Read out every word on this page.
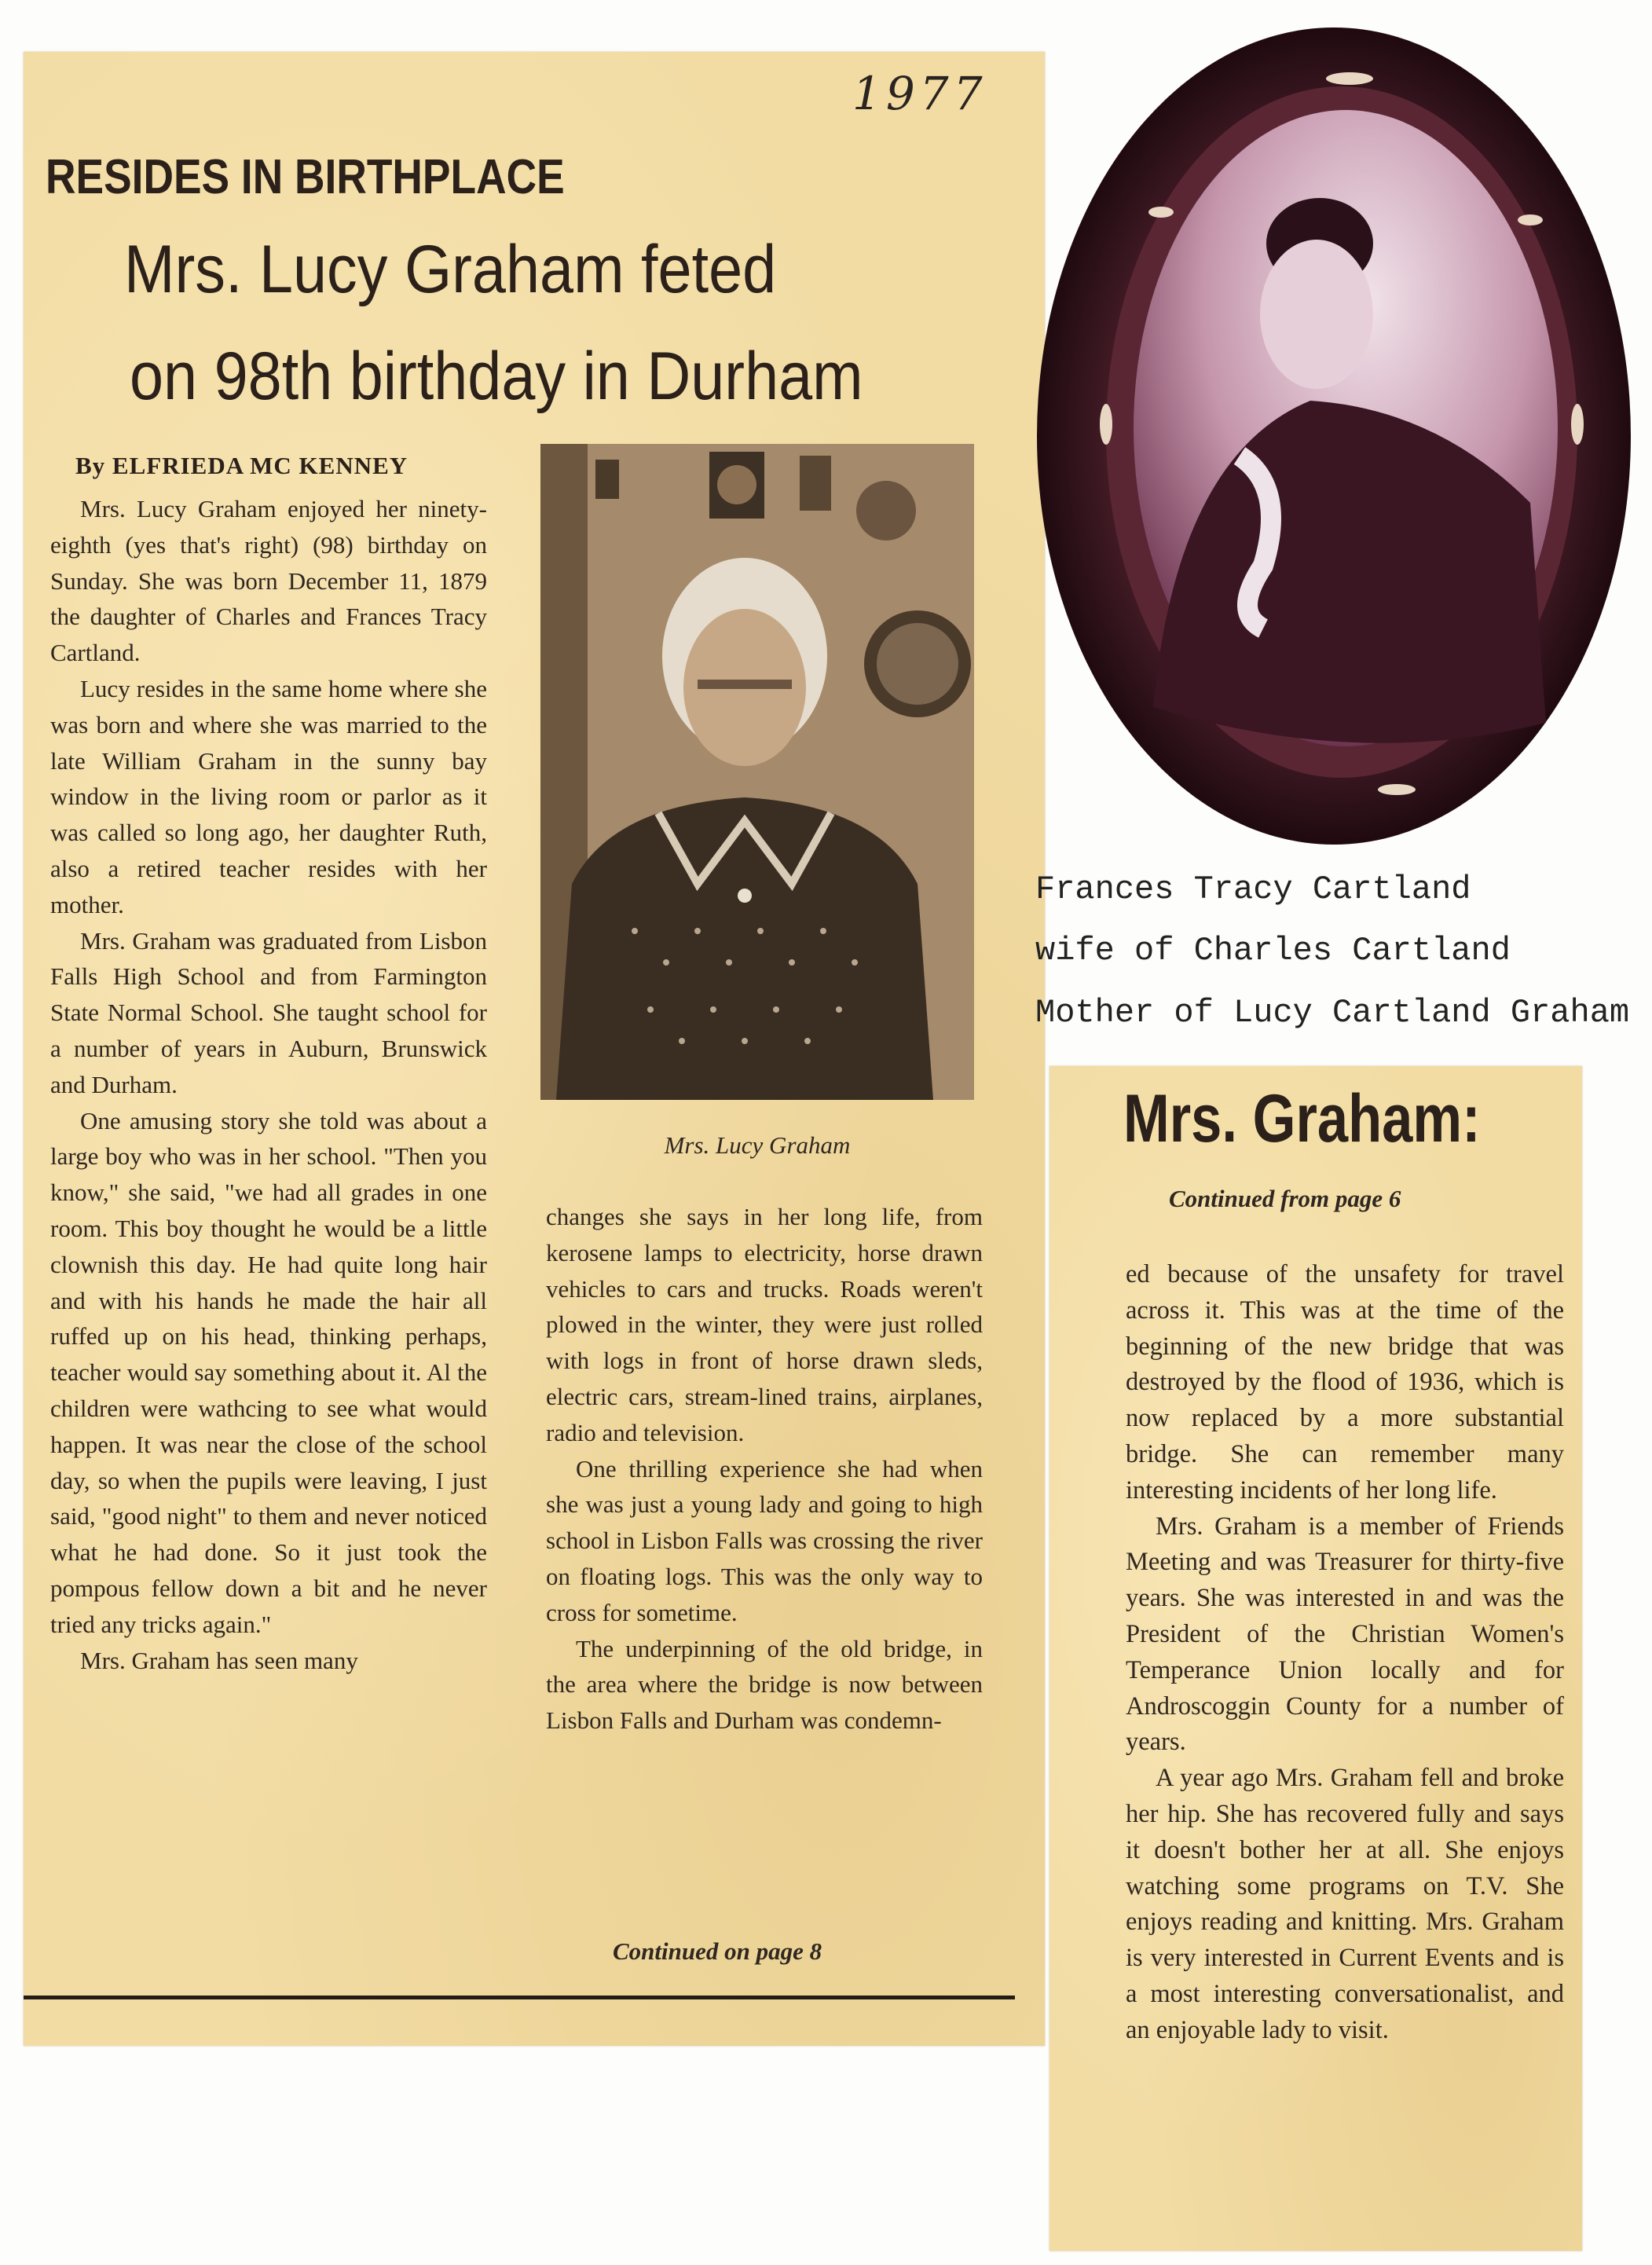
1977
RESIDES IN BIRTHPLACE
Mrs. Lucy Graham feted
on 98th birthday in Durham
By ELFRIEDA MC KENNEY

Mrs. Lucy Graham enjoyed her ninety-eighth (yes that's right) (98) birthday on Sunday. She was born December 11, 1879 the daughter of Charles and Frances Tracy Cartland.

Lucy resides in the same home where she was born and where she was married to the late William Graham in the sunny bay window in the living room or parlor as it was called so long ago, her daughter Ruth, also a retired teacher resides with her mother.

Mrs. Graham was graduated from Lisbon Falls High School and from Farmington State Normal School. She taught school for a number of years in Auburn, Brunswick and Durham.

One amusing story she told was about a large boy who was in her school. "Then you know," she said, "we had all grades in one room. This boy thought he would be a little clownish this day. He had quite long hair and with his hands he made the hair all ruffed up on his head, thinking perhaps, teacher would say something about it. Al the children were wathcing to see what would happen. It was near the close of the school day, so when the pupils were leaving, I just said, "good night" to them and never noticed what he had done. So it just took the pompous fellow down a bit and he never tried any tricks again."

Mrs. Graham has seen many

Mrs. Lucy Graham

changes she says in her long life, from kerosene lamps to electricity, horse drawn vehicles to cars and trucks. Roads weren't plowed in the winter, they were just rolled with logs in front of horse drawn sleds, electric cars, stream-lined trains, airplanes, radio and television.

One thrilling experience she had when she was just a young lady and going to high school in Lisbon Falls was crossing the river on floating logs. This was the only way to cross for sometime.

The underpinning of the old bridge, in the area where the bridge is now between Lisbon Falls and Durham was condemn-

Continued on page 8
Frances Tracy Cartland
wife of Charles Cartland
Mother of Lucy Cartland Graham
Mrs. Graham:
Continued from page 6

ed because of the unsafety for travel across it. This was at the time of the beginning of the new bridge that was destroyed by the flood of 1936, which is now replaced by a more substantial bridge. She can remember many interesting incidents of her long life.

Mrs. Graham is a member of Friends Meeting and was Treasurer for thirty-five years. She was interested in and was the President of the Christian Women's Temperance Union locally and for Androscoggin County for a number of years.

A year ago Mrs. Graham fell and broke her hip. She has recovered fully and says it doesn't bother her at all. She enjoys watching some programs on T.V. She enjoys reading and knitting. Mrs. Graham is very interested in Current Events and is a most interesting conversationalist, and an enjoyable lady to visit.
